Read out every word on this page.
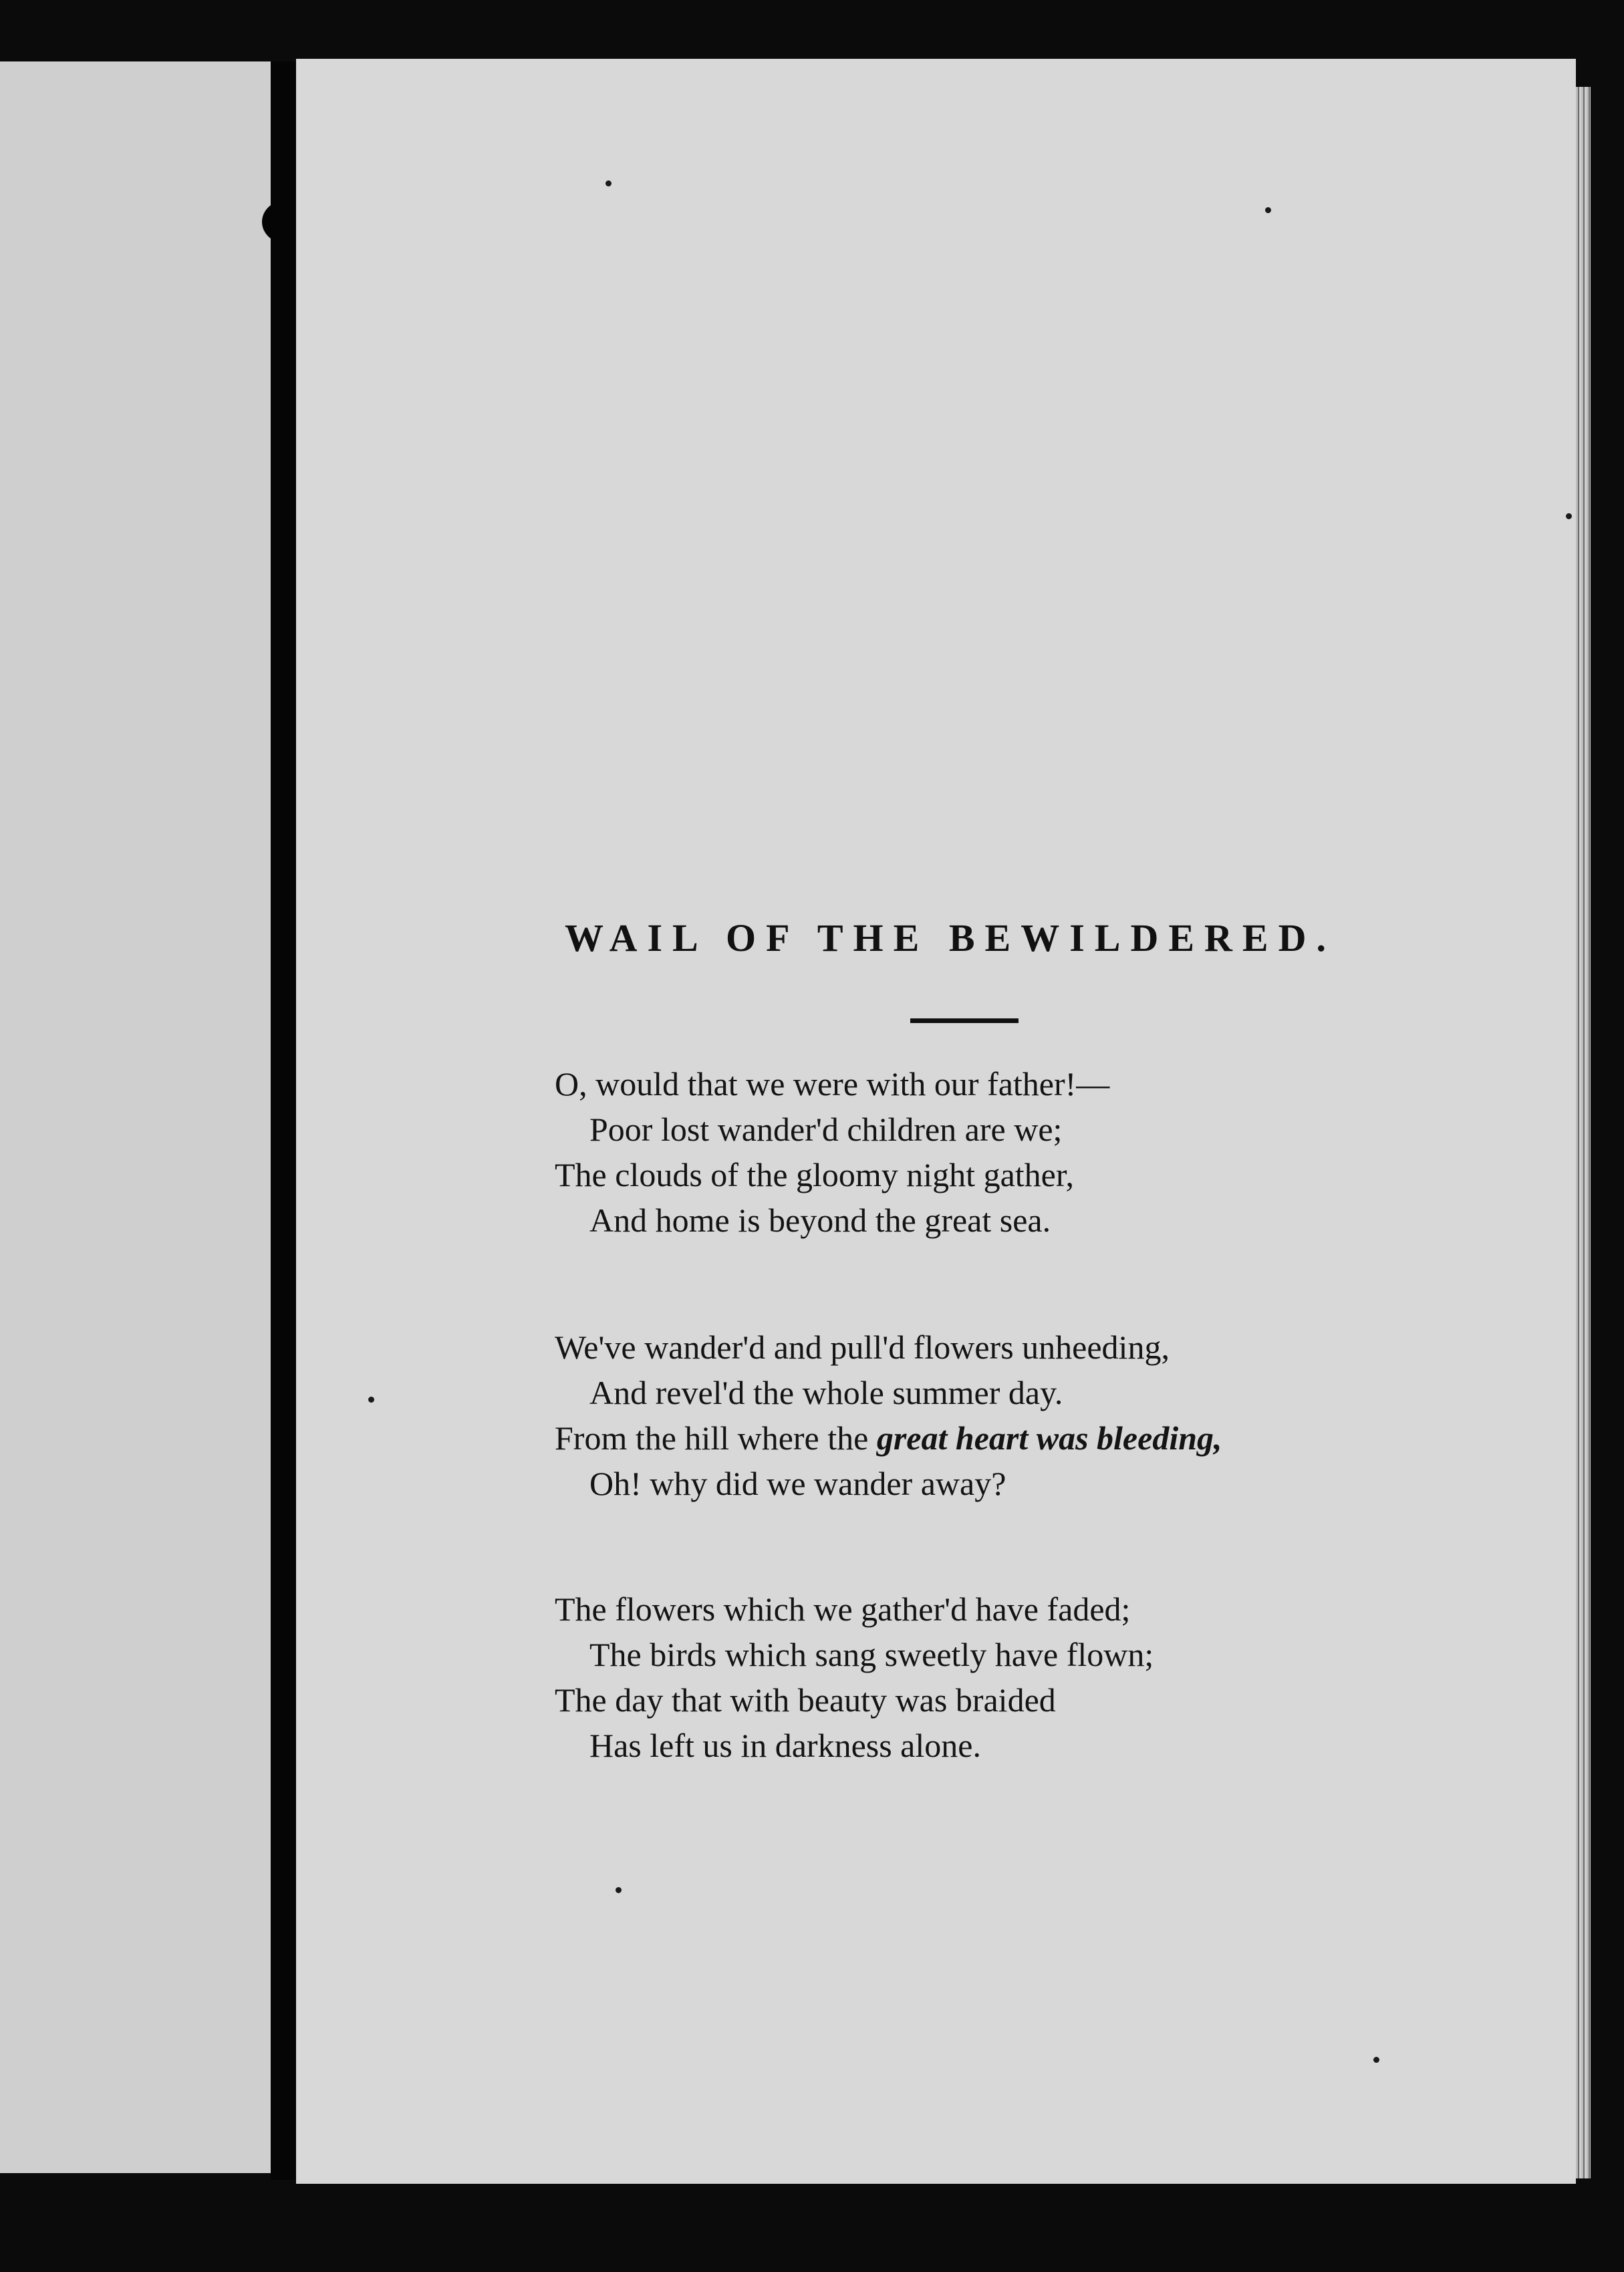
WAIL OF THE BEWILDERED.
O, would that we were with our father!—
Poor lost wander'd children are we;
The clouds of the gloomy night gather,
And home is beyond the great sea.
We've wander'd and pull'd flowers unheeding,
And revel'd the whole summer day.
From the hill where the great heart was bleeding,
Oh! why did we wander away?
The flowers which we gather'd have faded;
The birds which sang sweetly have flown;
The day that with beauty was braided
Has left us in darkness alone.
